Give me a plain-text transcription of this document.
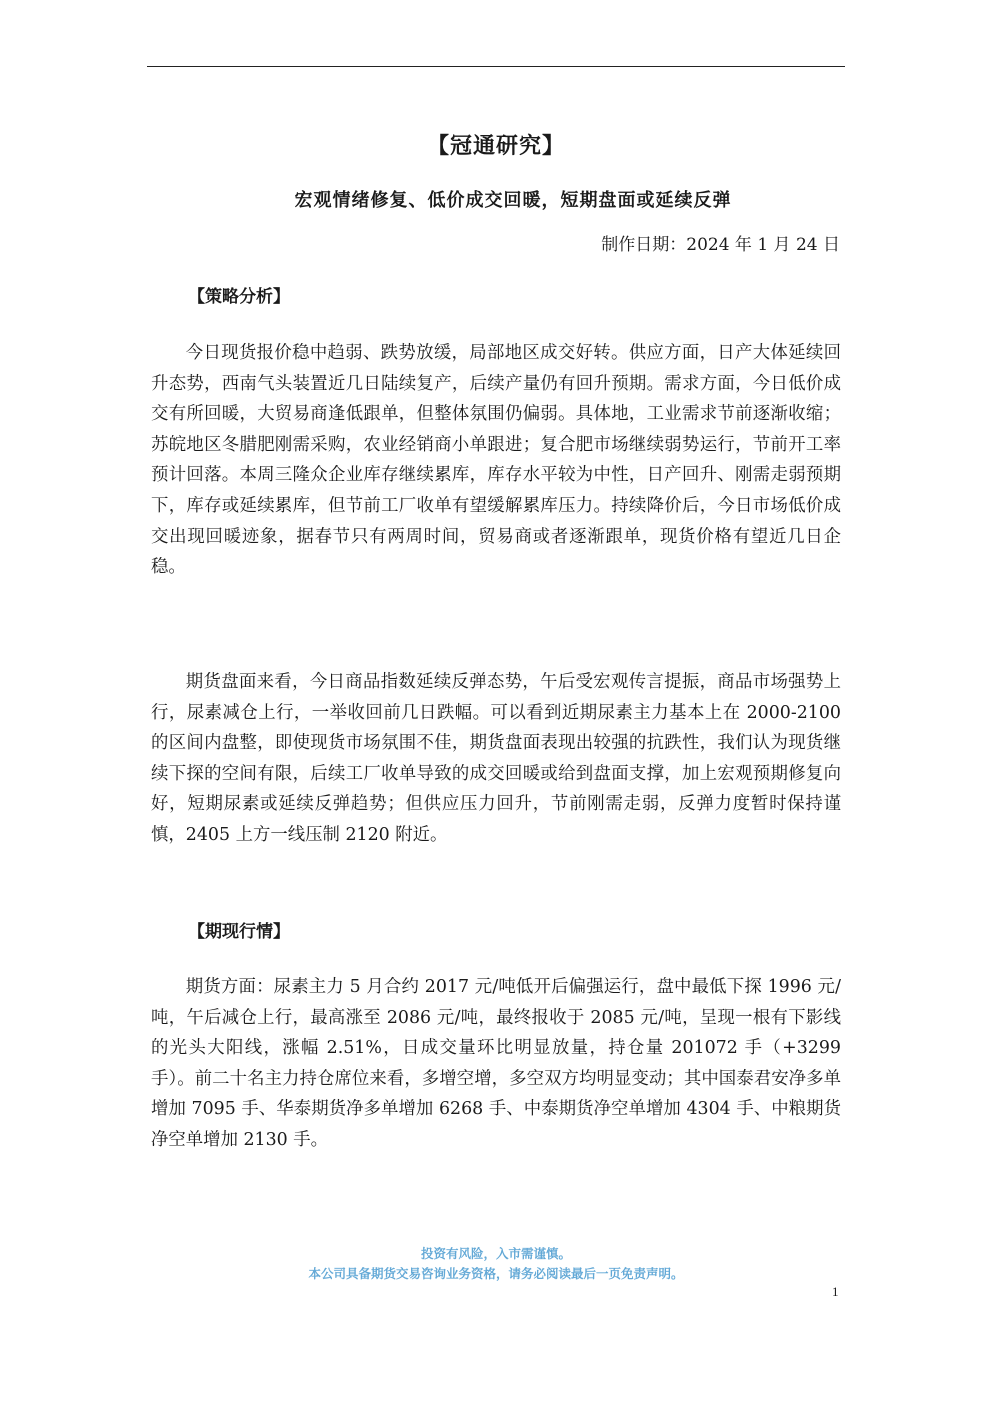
【冠通研究】
宏观情绪修复、低价成交回暖，短期盘面或延续反弹
制作日期：2024 年 1 月 24 日
【策略分析】

今日现货报价稳中趋弱、跌势放缓，局部地区成交好转。供应方面，日产大体延续回升态势，西南气头装置近几日陆续复产，后续产量仍有回升预期。需求方面，今日低价成交有所回暖，大贸易商逢低跟单，但整体氛围仍偏弱。具体地，工业需求节前逐渐收缩；苏皖地区冬腊肥刚需采购，农业经销商小单跟进；复合肥市场继续弱势运行，节前开工率预计回落。本周三隆众企业库存继续累库，库存水平较为中性，日产回升、刚需走弱预期下，库存或延续累库，但节前工厂收单有望缓解累库压力。持续降价后，今日市场低价成交出现回暖迹象，据春节只有两周时间，贸易商或者逐渐跟单，现货价格有望近几日企稳。

期货盘面来看，今日商品指数延续反弹态势，午后受宏观传言提振，商品市场强势上行，尿素减仓上行，一举收回前几日跌幅。可以看到近期尿素主力基本上在 2000-2100 的区间内盘整，即使现货市场氛围不佳，期货盘面表现出较强的抗跌性，我们认为现货继续下探的空间有限，后续工厂收单导致的成交回暖或给到盘面支撑，加上宏观预期修复向好，短期尿素或延续反弹趋势；但供应压力回升，节前刚需走弱，反弹力度暂时保持谨慎，2405 上方一线压制 2120 附近。

【期现行情】

期货方面：尿素主力 5 月合约 2017 元/吨低开后偏强运行，盘中最低下探 1996 元/吨，午后减仓上行，最高涨至 2086 元/吨，最终报收于 2085 元/吨，呈现一根有下影线的光头大阳线，涨幅 2.51%，日成交量环比明显放量，持仓量 201072 手（+3299 手）。前二十名主力持仓席位来看，多增空增，多空双方均明显变动；其中国泰君安净多单增加 7095 手、华泰期货净多单增加 6268 手、中泰期货净空单增加 4304 手、中粮期货净空单增加 2130 手。

投资有风险，入市需谨慎。
本公司具备期货交易咨询业务资格，请务必阅读最后一页免责声明。
1
